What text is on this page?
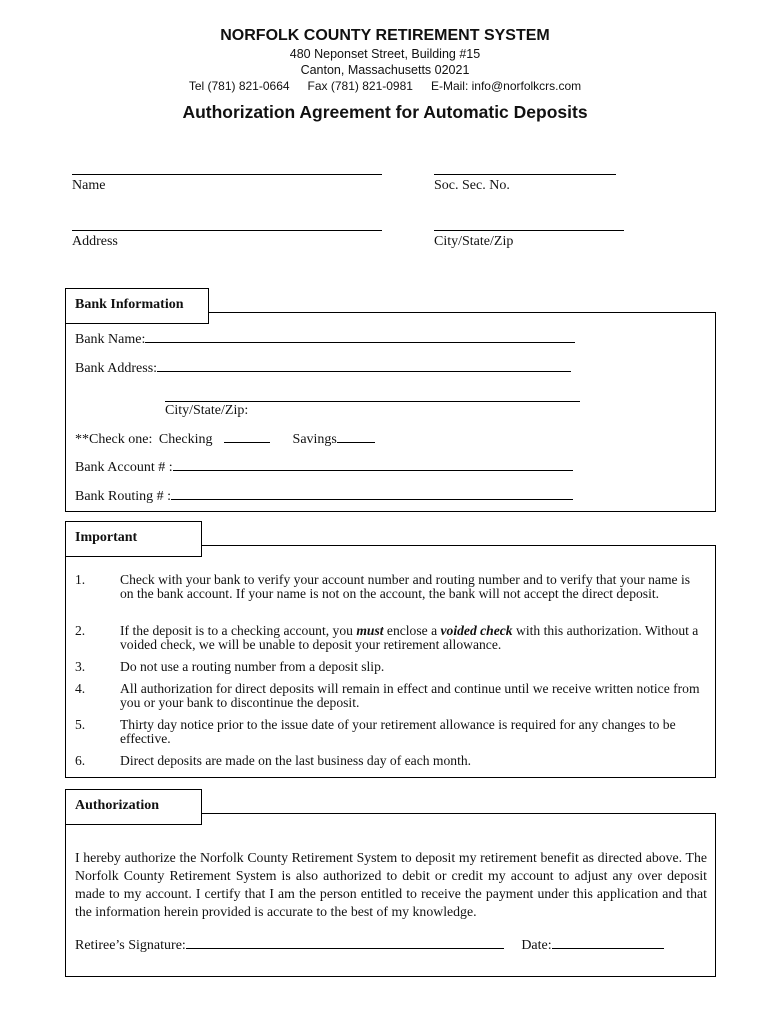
NORFOLK COUNTY RETIREMENT SYSTEM
480 Neponset Street, Building #15
Canton, Massachusetts 02021
Tel (781) 821-0664 Fax (781) 821-0981 E-Mail: info@norfolkcrs.com
Authorization Agreement for Automatic Deposits
Name	Soc. Sec. No.
Address	City/State/Zip
Bank Information
Bank Name:
Bank Address:
City/State/Zip:
**Check one: Checking	Savings
Bank Account # :
Bank Routing # :
Important
1.	Check with your bank to verify your account number and routing number and to verify that your name is on the bank account. If your name is not on the account, the bank will not accept the direct deposit.
2.	If the deposit is to a checking account, you must enclose a voided check with this authorization. Without a voided check, we will be unable to deposit your retirement allowance.
3.	Do not use a routing number from a deposit slip.
4.	All authorization for direct deposits will remain in effect and continue until we receive written notice from you or your bank to discontinue the deposit.
5.	Thirty day notice prior to the issue date of your retirement allowance is required for any changes to be effective.
6.	Direct deposits are made on the last business day of each month.
Authorization
I hereby authorize the Norfolk County Retirement System to deposit my retirement benefit as directed above. The Norfolk County Retirement System is also authorized to debit or credit my account to adjust any over deposit made to my account. I certify that I am the person entitled to receive the payment under this application and that the information herein provided is accurate to the best of my knowledge.
Retiree’s Signature:	Date:
